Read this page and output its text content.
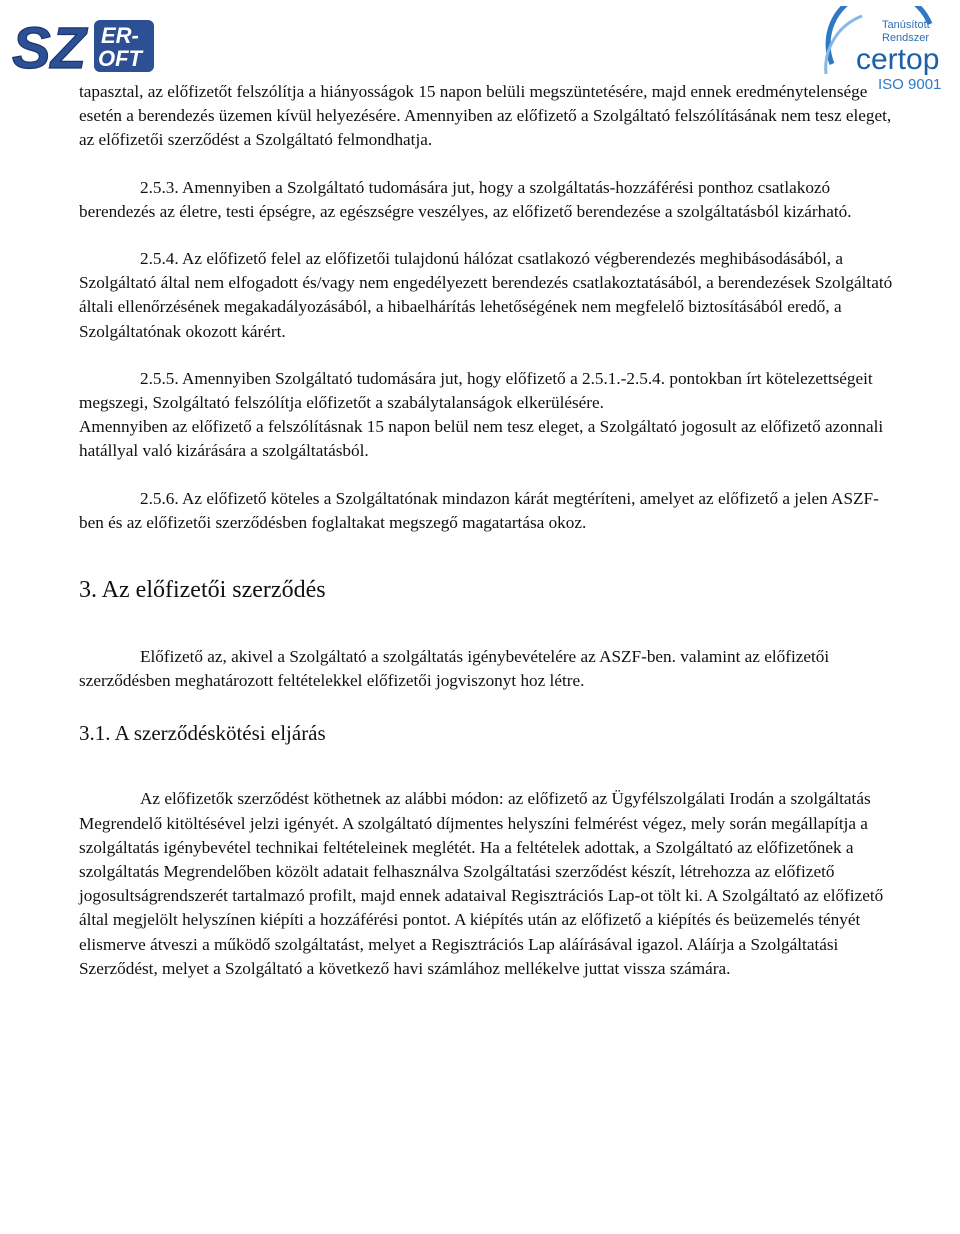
SZ ER-
OFT
Tanúsított
Rendszer
certop
ISO 9001

tapasztal, az előfizetőt felszólítja a hiányosságok 15 napon belüli megszüntetésére, majd ennek eredménytelensége esetén a berendezés üzemen kívül helyezésére. Amennyiben az előfizető a Szolgáltató felszólításának nem tesz eleget, az előfizetői szerződést a Szolgáltató felmondhatja.

2.5.3. Amennyiben a Szolgáltató tudomására jut, hogy a szolgáltatás-hozzáférési ponthoz csatlakozó berendezés az életre, testi épségre, az egészségre veszélyes, az előfizető berendezése a szolgáltatásból kizárható.

2.5.4. Az előfizető felel az előfizetői tulajdonú hálózat csatlakozó végberendezés meghibásodásából, a Szolgáltató által nem elfogadott és/vagy nem engedélyezett berendezés csatlakoztatásából, a berendezések Szolgáltató általi ellenőrzésének megakadályozásából, a hibaelhárítás lehetőségének nem megfelelő biztosításából eredő, a Szolgáltatónak okozott kárért.

2.5.5. Amennyiben Szolgáltató tudomására jut, hogy előfizető a 2.5.1.-2.5.4. pontokban írt kötelezettségeit megszegi, Szolgáltató felszólítja előfizetőt a szabálytalanságok elkerülésére.

Amennyiben az előfizető a felszólításnak 15 napon belül nem tesz eleget, a Szolgáltató jogosult az előfizető azonnali hatállyal való kizárására a szolgáltatásból.

2.5.6. Az előfizető köteles a Szolgáltatónak mindazon kárát megtéríteni, amelyet az előfizető a jelen ASZF-ben és az előfizetői szerződésben foglaltakat megszegő magatartása okoz.

3. Az előfizetői szerződés

Előfizető az, akivel a Szolgáltató a szolgáltatás igénybevételére az ASZF-ben. valamint az előfizetői szerződésben meghatározott feltételekkel előfizetői jogviszonyt hoz létre.

3.1. A szerződéskötési eljárás

Az előfizetők szerződést köthetnek az alábbi módon: az előfizető az Ügyfélszolgálati Irodán a szolgáltatás Megrendelő kitöltésével jelzi igényét. A szolgáltató díjmentes helyszíni felmérést végez, mely során megállapítja a szolgáltatás igénybevétel technikai feltételeinek meglétét. Ha a feltételek adottak, a Szolgáltató az előfizetőnek a szolgáltatás Megrendelőben közölt adatait felhasználva Szolgáltatási szerződést készít, létrehozza az előfizető jogosultságrendszerét tartalmazó profilt, majd ennek adataival Regisztrációs Lap-ot tölt ki. A Szolgáltató az előfizető által megjelölt helyszínen kiépíti a hozzáférési pontot. A kiépítés után az előfizető a kiépítés és beüzemelés tényét elismerve átveszi a működő szolgáltatást, melyet a Regisztrációs Lap aláírásával igazol. Aláírja a Szolgáltatási Szerződést, melyet a Szolgáltató a következő havi számlához mellékelve juttat vissza számára.
